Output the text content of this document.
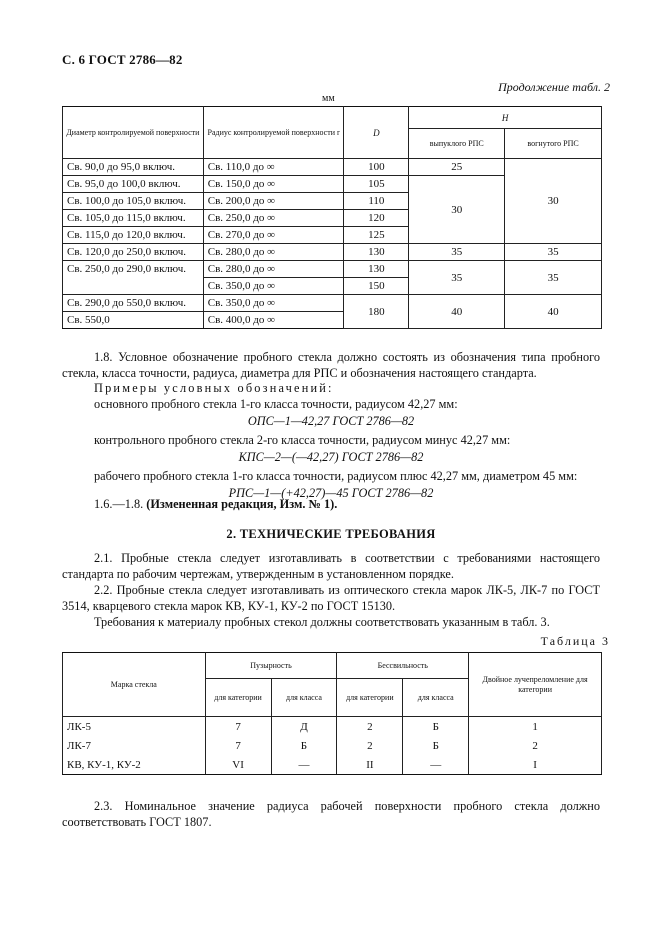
С. 6 ГОСТ 2786—82
Продолжение табл. 2
мм
Диаметр контролируемой поверхности	Радиус контролируемой поверхности r	D	H	
			выпуклого РПС	вогнутого РПС
Св. 90,0 до 95,0 включ.	Св. 110,0 до ∞	100	25	30
Св. 95,0 до 100,0 включ.	Св. 150,0 до ∞	105	30	
Св. 100,0 до 105,0 включ.	Св. 200,0 до ∞	110		
Св. 105,0 до 115,0 включ.	Св. 250,0 до ∞	120		
Св. 115,0 до 120,0 включ.	Св. 270,0 до ∞	125		
Св. 120,0 до 250,0 включ.	Св. 280,0 до ∞	130	35	35
Св. 250,0 до 290,0 включ.	Св. 280,0 до ∞	130	35	35
	Св. 350,0 до ∞	150		
Св. 290,0 до 550,0 включ.	Св. 350,0 до ∞	180	40	40
Св. 550,0	Св. 400,0 до ∞			
1.8. Условное обозначение пробного стекла должно состоять из обозначения типа пробного стекла, класса точности, радиуса, диаметра для РПС и обозначения настоящего стандарта.
Примеры условных обозначений:
основного пробного стекла 1-го класса точности, радиусом 42,27 мм:
ОПС—1—42,27 ГОСТ 2786—82
контрольного пробного стекла 2-го класса точности, радиусом минус 42,27 мм:
КПС—2—(—42,27) ГОСТ 2786—82
рабочего пробного стекла 1-го класса точности, радиусом плюс 42,27 мм, диаметром 45 мм:
РПС—1—(+42,27)—45 ГОСТ 2786—82
1.6.—1.8. (Измененная редакция, Изм. № 1).
2. ТЕХНИЧЕСКИЕ ТРЕБОВАНИЯ
2.1. Пробные стекла следует изготавливать в соответствии с требованиями настоящего стандарта по рабочим чертежам, утвержденным в установленном порядке.
2.2. Пробные стекла следует изготавливать из оптического стекла марок ЛК-5, ЛК-7 по ГОСТ 3514, кварцевого стекла марок КВ, КУ-1, КУ-2 по ГОСТ 15130.
Требования к материалу пробных стекол должны соответствовать указанным в табл. 3.
Таблица 3
Марка стекла	Пузырность		Бессвильность		Двойное лучепреломление для категории
	для категории	для класса	для категории	для класса	
ЛК-5	7	Д	2	Б	1
ЛК-7	7	Б	2	Б	2
КВ, КУ-1, КУ-2	VI	—	II	—	I
2.3. Номинальное значение радиуса рабочей поверхности пробного стекла должно соответствовать ГОСТ 1807.
